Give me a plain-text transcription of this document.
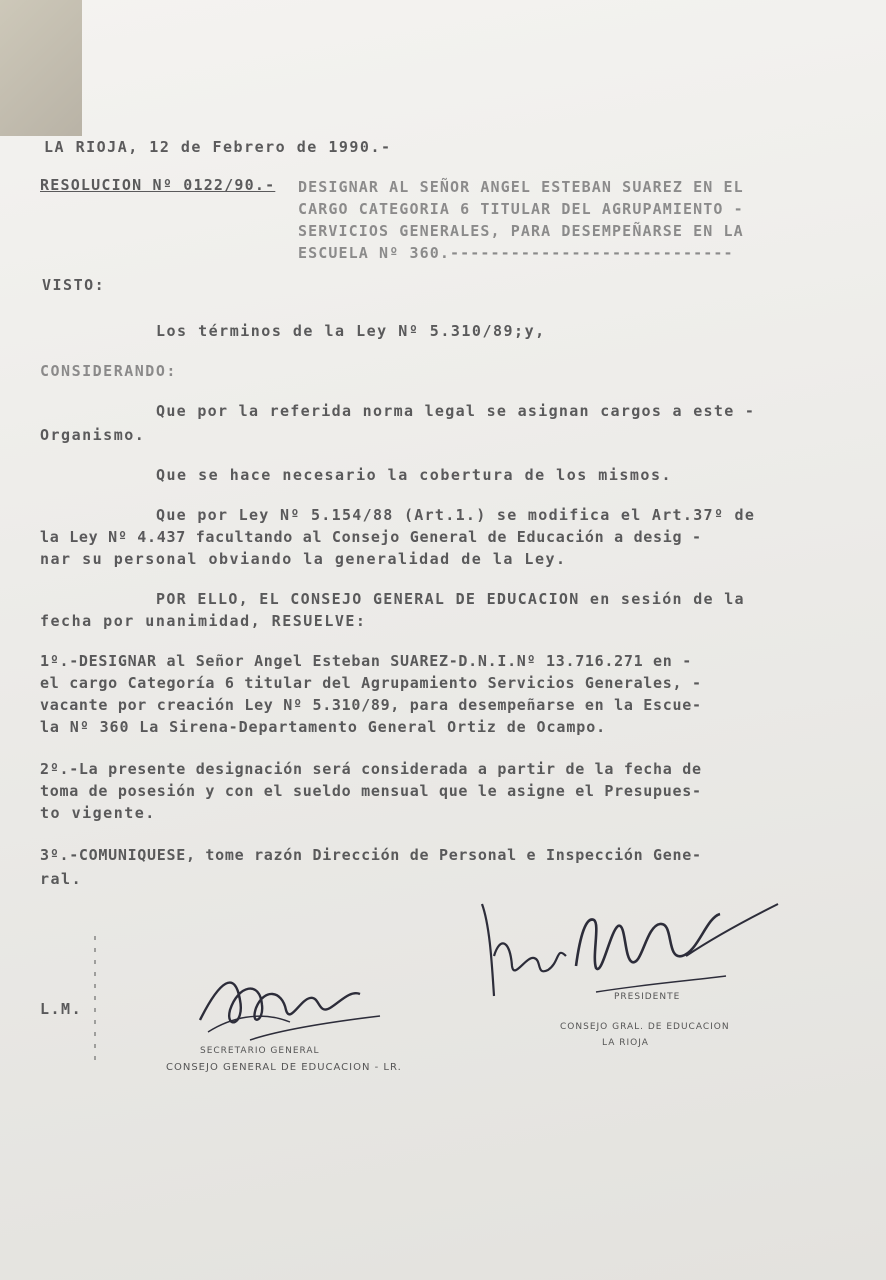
LA RIOJA, 12 de Febrero de 1990.-
RESOLUCION Nº 0122/90.- DESIGNAR AL SEÑOR ANGEL ESTEBAN SUAREZ EN EL
CARGO CATEGORIA 6 TITULAR DEL AGRUPAMIENTO -
SERVICIOS GENERALES, PARA DESEMPEÑARSE EN LA
ESCUELA Nº 360.----------------------------
VISTO:
Los términos de la Ley Nº 5.310/89;y,
CONSIDERANDO:
Que por la referida norma legal se asignan cargos a este -
Organismo.
Que se hace necesario la cobertura de los mismos.
Que por Ley Nº 5.154/88 (Art.1.) se modifica el Art.37º de
la Ley Nº 4.437 facultando al Consejo General de Educación a desig -
nar su personal obviando la generalidad de la Ley.
POR ELLO, EL CONSEJO GENERAL DE EDUCACION en sesión de la
fecha por unanimidad, RESUELVE:
1º.-DESIGNAR al Señor Angel Esteban SUAREZ-D.N.I.Nº 13.716.271 en -
el cargo Categoría 6 titular del Agrupamiento Servicios Generales, -
vacante por creación Ley Nº 5.310/89, para desempeñarse en la Escue-
la Nº 360 La Sirena-Departamento General Ortiz de Ocampo.
2º.-La presente designación será considerada a partir de la fecha de
toma de posesión y con el sueldo mensual que le asigne el Presupues-
to vigente.
3º.-COMUNIQUESE, tome razón Dirección de Personal e Inspección Gene-
ral.
L.M.
SECRETARIO GENERAL
CONSEJO GENERAL DE EDUCACION - LR.
PRESIDENTE
CONSEJO GRAL. DE EDUCACION
LA RIOJA
